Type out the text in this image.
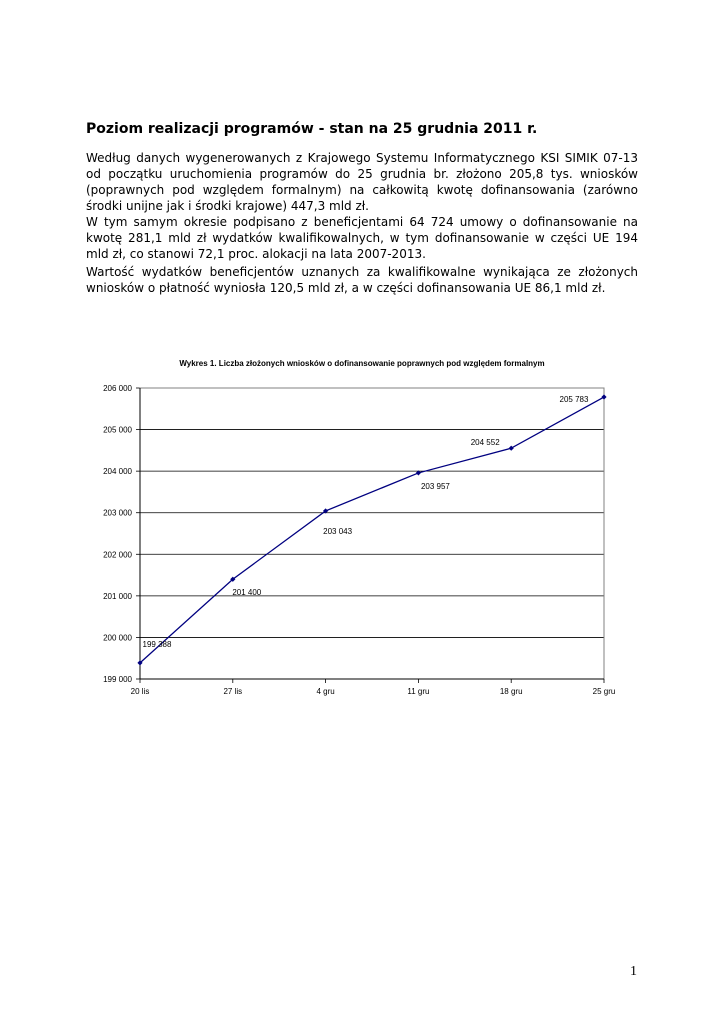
Poziom realizacji programów - stan na 25 grudnia 2011 r.

Według danych wygenerowanych z Krajowego Systemu Informatycznego KSI SIMIK 07-13 od początku uruchomienia programów do 25 grudnia br. złożono 205,8 tys. wniosków (poprawnych pod względem formalnym) na całkowitą kwotę dofinansowania (zarówno środki unijne jak i środki krajowe) 447,3 mld zł.

W tym samym okresie podpisano z beneficjentami 64 724 umowy o dofinansowanie na kwotę 281,1 mld zł wydatków kwalifikowalnych, w tym dofinansowanie w części UE 194 mld zł, co stanowi 72,1 proc. alokacji na lata 2007-2013.

Wartość wydatków beneficjentów uznanych za kwalifikowalne wynikająca ze złożonych wniosków o płatność wyniosła 120,5 mld zł, a w części dofinansowania UE 86,1 mld zł.

Wykres 1. Liczba złożonych wniosków o dofinansowanie poprawnych pod względem formalnym
199 000
200 000
201 000
202 000
203 000
204 000
205 000
206 000
20 lis	27 lis	4 gru	11 gru	18 gru	25 gru
199 388
201 400
203 043
203 957
204 552
205 783
1
